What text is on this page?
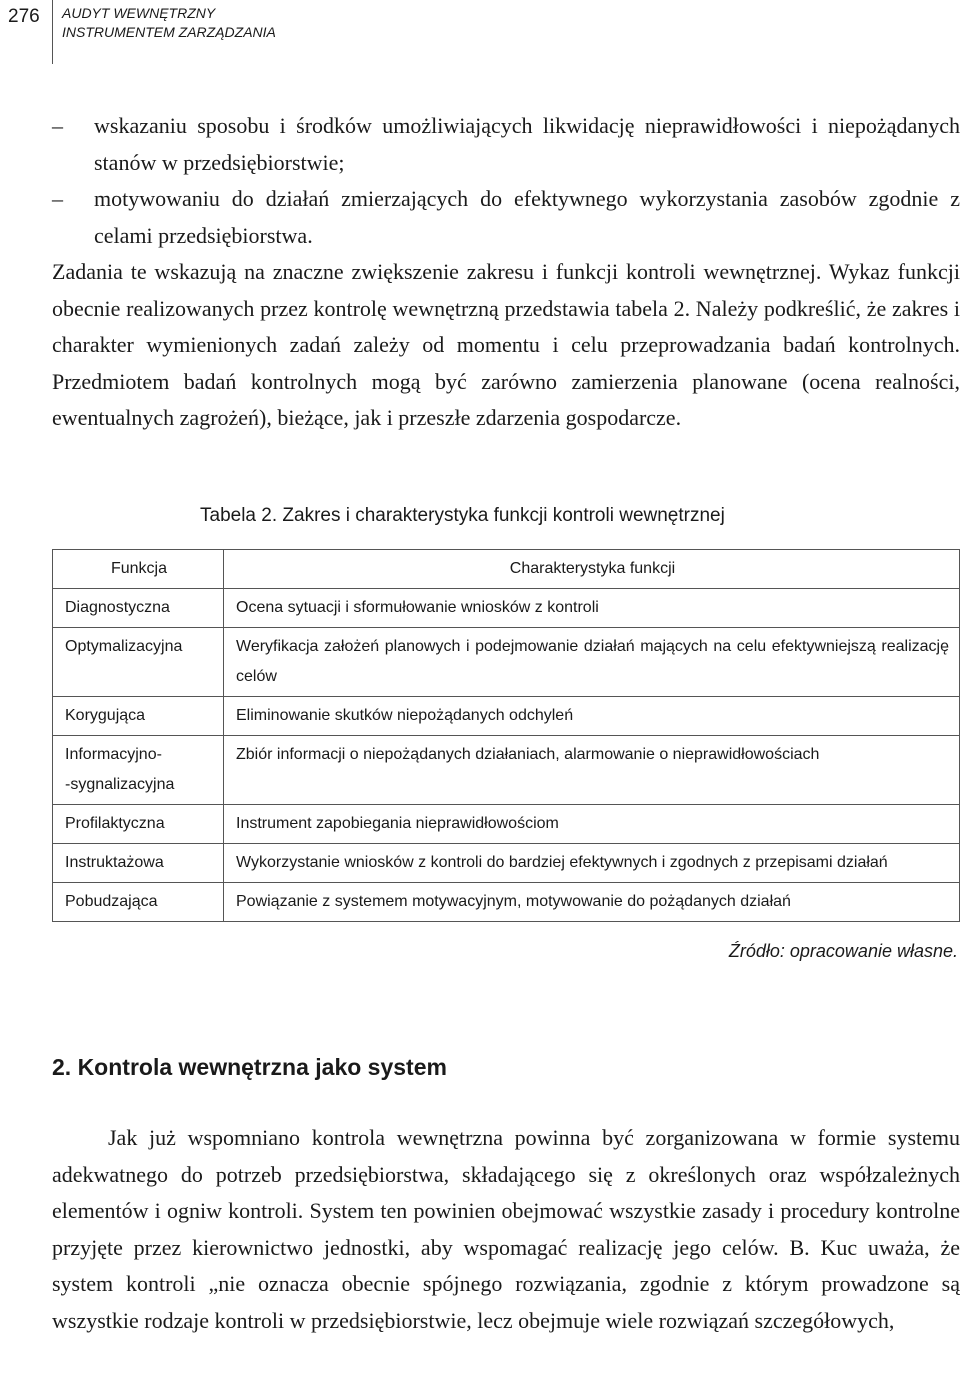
276 AUDYT WEWNĘTRZNY
INSTRUMENTEM ZARZĄDZANIA
– wskazaniu sposobu i środków umożliwiających likwidację nieprawidłowości i niepożądanych stanów w przedsiębiorstwie;
– motywowaniu do działań zmierzających do efektywnego wykorzystania zasobów zgodnie z celami przedsiębiorstwa.
Zadania te wskazują na znaczne zwiększenie zakresu i funkcji kontroli wewnętrznej. Wykaz funkcji obecnie realizowanych przez kontrolę wewnętrzną przedstawia tabela 2. Należy podkreślić, że zakres i charakter wymienionych zadań zależy od momentu i celu przeprowadzania badań kontrolnych. Przedmiotem badań kontrolnych mogą być zarówno zamierzenia planowane (ocena realności, ewentualnych zagrożeń), bieżące, jak i przeszłe zdarzenia gospodarcze.
Tabela 2. Zakres i charakterystyka funkcji kontroli wewnętrznej
Funkcja	Charakterystyka funkcji

Diagnostyczna	Ocena sytuacji i sformułowanie wniosków z kontroli

Optymalizacyjna	Weryfikacja założeń planowych i podejmowanie działań mających na celu efektywniejszą realizację celów

Korygująca	Eliminowanie skutków niepożądanych odchyleń

Informacyjno-
-sygnalizacyjna	Zbiór informacji o niepożądanych działaniach, alarmowanie o nieprawidłowościach

Profilaktyczna	Instrument zapobiegania nieprawidłowościom

Instruktażowa	Wykorzystanie wniosków z kontroli do bardziej efektywnych i zgodnych z przepisami działań

Pobudzająca	Powiązanie z systemem motywacyjnym, motywowanie do pożądanych działań
Źródło: opracowanie własne.
2. Kontrola wewnętrzna jako system
Jak już wspomniano kontrola wewnętrzna powinna być zorganizowana w formie systemu adekwatnego do potrzeb przedsiębiorstwa, składającego się z określonych oraz współzależnych elementów i ogniw kontroli. System ten powinien obejmować wszystkie zasady i procedury kontrolne przyjęte przez kierownictwo jednostki, aby wspomagać realizację jego celów. B. Kuc uważa, że system kontroli „nie oznacza obecnie spójnego rozwiązania, zgodnie z którym prowadzone są wszystkie rodzaje kontroli w przedsiębiorstwie, lecz obejmuje wiele rozwiązań szczegółowych,
